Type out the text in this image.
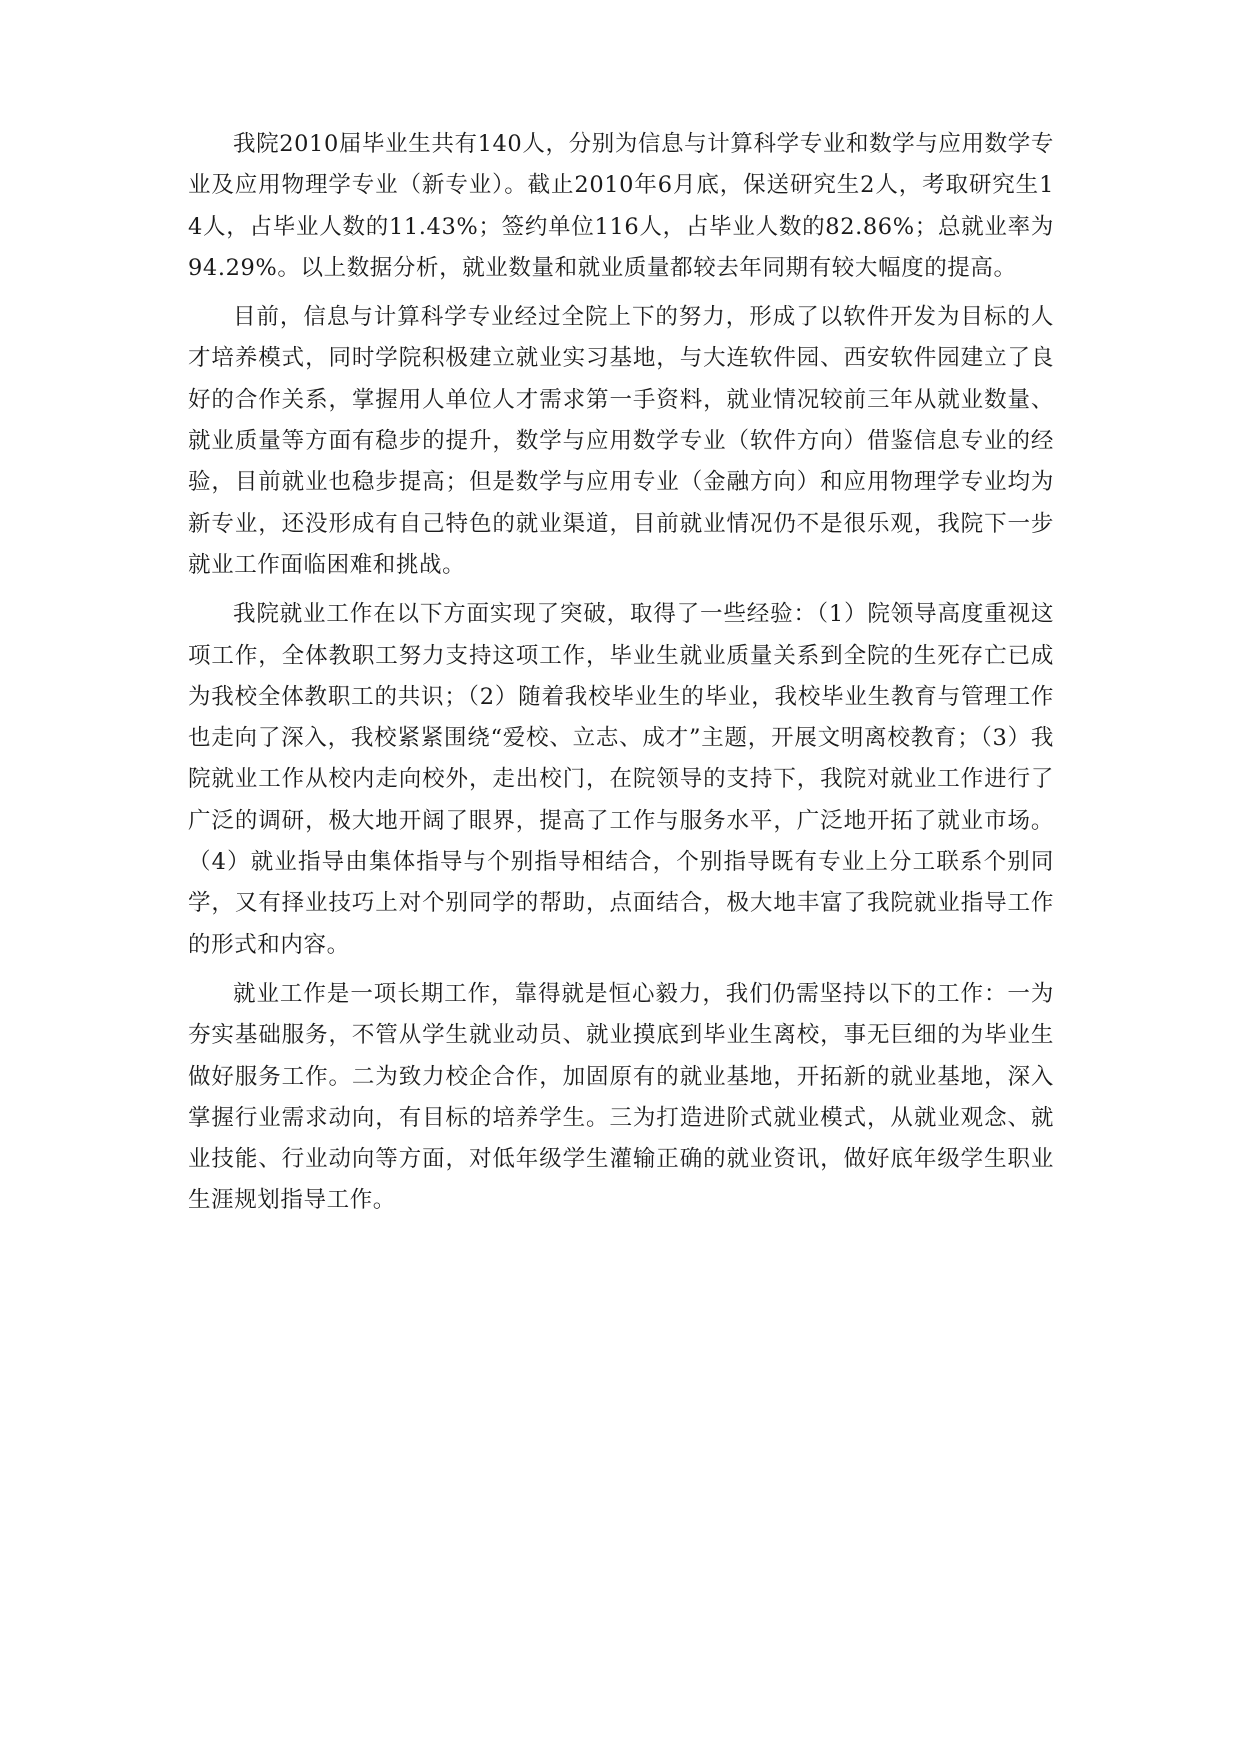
我院2010届毕业生共有140人，分别为信息与计算科学专业和数学与应用数学专业及应用物理学专业（新专业）。截止2010年6月底，保送研究生2人，考取研究生14人，占毕业人数的11.43%；签约单位116人，占毕业人数的82.86%；总就业率为94.29%。以上数据分析，就业数量和就业质量都较去年同期有较大幅度的提高。

目前，信息与计算科学专业经过全院上下的努力，形成了以软件开发为目标的人才培养模式，同时学院积极建立就业实习基地，与大连软件园、西安软件园建立了良好的合作关系，掌握用人单位人才需求第一手资料，就业情况较前三年从就业数量、就业质量等方面有稳步的提升，数学与应用数学专业（软件方向）借鉴信息专业的经验，目前就业也稳步提高；但是数学与应用专业（金融方向）和应用物理学专业均为新专业，还没形成有自己特色的就业渠道，目前就业情况仍不是很乐观，我院下一步就业工作面临困难和挑战。

我院就业工作在以下方面实现了突破，取得了一些经验：（1）院领导高度重视这项工作，全体教职工努力支持这项工作，毕业生就业质量关系到全院的生死存亡已成为我校全体教职工的共识；（2）随着我校毕业生的毕业，我校毕业生教育与管理工作也走向了深入，我校紧紧围绕“爱校、立志、成才”主题，开展文明离校教育；（3）我院就业工作从校内走向校外，走出校门，在院领导的支持下，我院对就业工作进行了广泛的调研，极大地开阔了眼界，提高了工作与服务水平，广泛地开拓了就业市场。（4）就业指导由集体指导与个别指导相结合，个别指导既有专业上分工联系个别同学，又有择业技巧上对个别同学的帮助，点面结合，极大地丰富了我院就业指导工作的形式和内容。

就业工作是一项长期工作，靠得就是恒心毅力，我们仍需坚持以下的工作：一为夯实基础服务，不管从学生就业动员、就业摸底到毕业生离校，事无巨细的为毕业生做好服务工作。二为致力校企合作，加固原有的就业基地，开拓新的就业基地，深入掌握行业需求动向，有目标的培养学生。三为打造进阶式就业模式，从就业观念、就业技能、行业动向等方面，对低年级学生灌输正确的就业资讯，做好底年级学生职业生涯规划指导工作。
